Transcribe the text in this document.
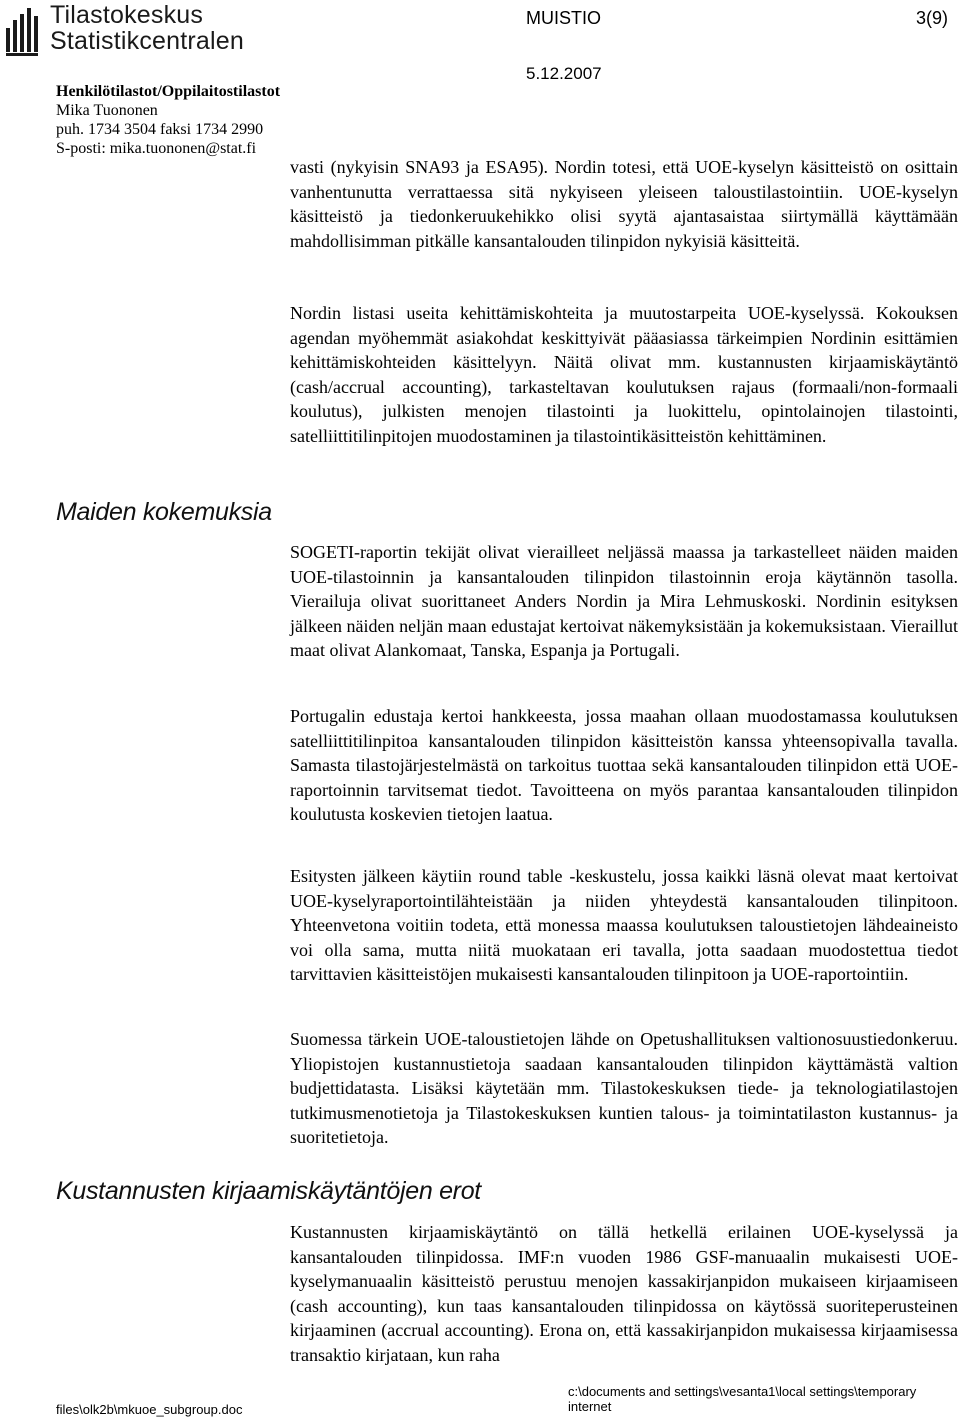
Tilastokeskus
Statistikcentralen
MUISTIO	3(9)
5.12.2007
Henkilötilastot/Oppilaitostilastot
Mika Tuononen
puh. 1734 3504 faksi 1734 2990
S-posti: mika.tuononen@stat.fi

vasti (nykyisin SNA93 ja ESA95). Nordin totesi, että UOE-kyselyn käsitteistö on osittain vanhentunutta verrattaessa sitä nykyiseen yleiseen taloustilastointiin. UOE-kyselyn käsitteistö ja tiedonkeruukehikko olisi syytä ajantasaistaa siirtymällä käyttämään mahdollisimman pitkälle kansantalouden tilinpidon nykyisiä käsitteitä.

Nordin listasi useita kehittämiskohteita ja muutostarpeita UOE-kyselyssä. Kokouksen agendan myöhemmät asiakohdat keskittyivät pääasiassa tärkeimpien Nordinin esittämien kehittämiskohteiden käsittelyyn. Näitä olivat mm. kustannusten kirjaamiskäytäntö (cash/accrual accounting), tarkasteltavan koulutuksen rajaus (formaali/non-formaali koulutus), julkisten menojen tilastointi ja luokittelu, opintolainojen tilastointi, satelliittitilinpitojen muodostaminen ja tilastointikäsitteistön kehittäminen.

Maiden kokemuksia

SOGETI-raportin tekijät olivat vierailleet neljässä maassa ja tarkastelleet näiden maiden UOE-tilastoinnin ja kansantalouden tilinpidon tilastoinnin eroja käytännön tasolla. Vierailuja olivat suorittaneet Anders Nordin ja Mira Lehmuskoski. Nordinin esityksen jälkeen näiden neljän maan edustajat kertoivat näkemyksistään ja kokemuksistaan. Vieraillut maat olivat Alankomaat, Tanska, Espanja ja Portugali.

Portugalin edustaja kertoi hankkeesta, jossa maahan ollaan muodostamassa koulutuksen satelliittitilinpitoa kansantalouden tilinpidon käsitteistön kanssa yhteensopivalla tavalla. Samasta tilastojärjestelmästä on tarkoitus tuottaa sekä kansantalouden tilinpidon että UOE-raportoinnin tarvitsemat tiedot. Tavoitteena on myös parantaa kansantalouden tilinpidon koulutusta koskevien tietojen laatua.

Esitysten jälkeen käytiin round table -keskustelu, jossa kaikki läsnä olevat maat kertoivat UOE-kyselyraportointilähteistään ja niiden yhteydestä kansantalouden tilinpitoon. Yhteenvetona voitiin todeta, että monessa maassa koulutuksen taloustietojen lähdeaineisto voi olla sama, mutta niitä muokataan eri tavalla, jotta saadaan muodostettua tiedot tarvittavien käsitteistöjen mukaisesti kansantalouden tilinpitoon ja UOE-raportointiin.

Suomessa tärkein UOE-taloustietojen lähde on Opetushallituksen valtionosuustiedonkeruu. Yliopistojen kustannustietoja saadaan kansantalouden tilinpidon käyttämästä valtion budjettidatasta. Lisäksi käytetään mm. Tilastokeskuksen tiede- ja teknologiatilastojen tutkimusmenotietoja ja Tilastokeskuksen kuntien talous- ja toimintatilaston kustannus- ja suoritetietoja.

Kustannusten kirjaamiskäytäntöjen erot

Kustannusten kirjaamiskäytäntö on tällä hetkellä erilainen UOE-kyselyssä ja kansantalouden tilinpidossa. IMF:n vuoden 1986 GSF-manuaalin mukaisesti UOE-kyselymanuaalin käsitteistö perustuu menojen kassakirjanpidon mukaiseen kirjaamiseen (cash accounting), kun taas kansantalouden tilinpidossa on käytössä suoriteperusteinen kirjaaminen (accrual accounting). Erona on, että kassakirjanpidon mukaisessa kirjaamisessa transaktio kirjataan, kun raha

files\olk2b\mkuoe_subgroup.doc
c:\documents and settings\vesanta1\local settings\temporary internet
